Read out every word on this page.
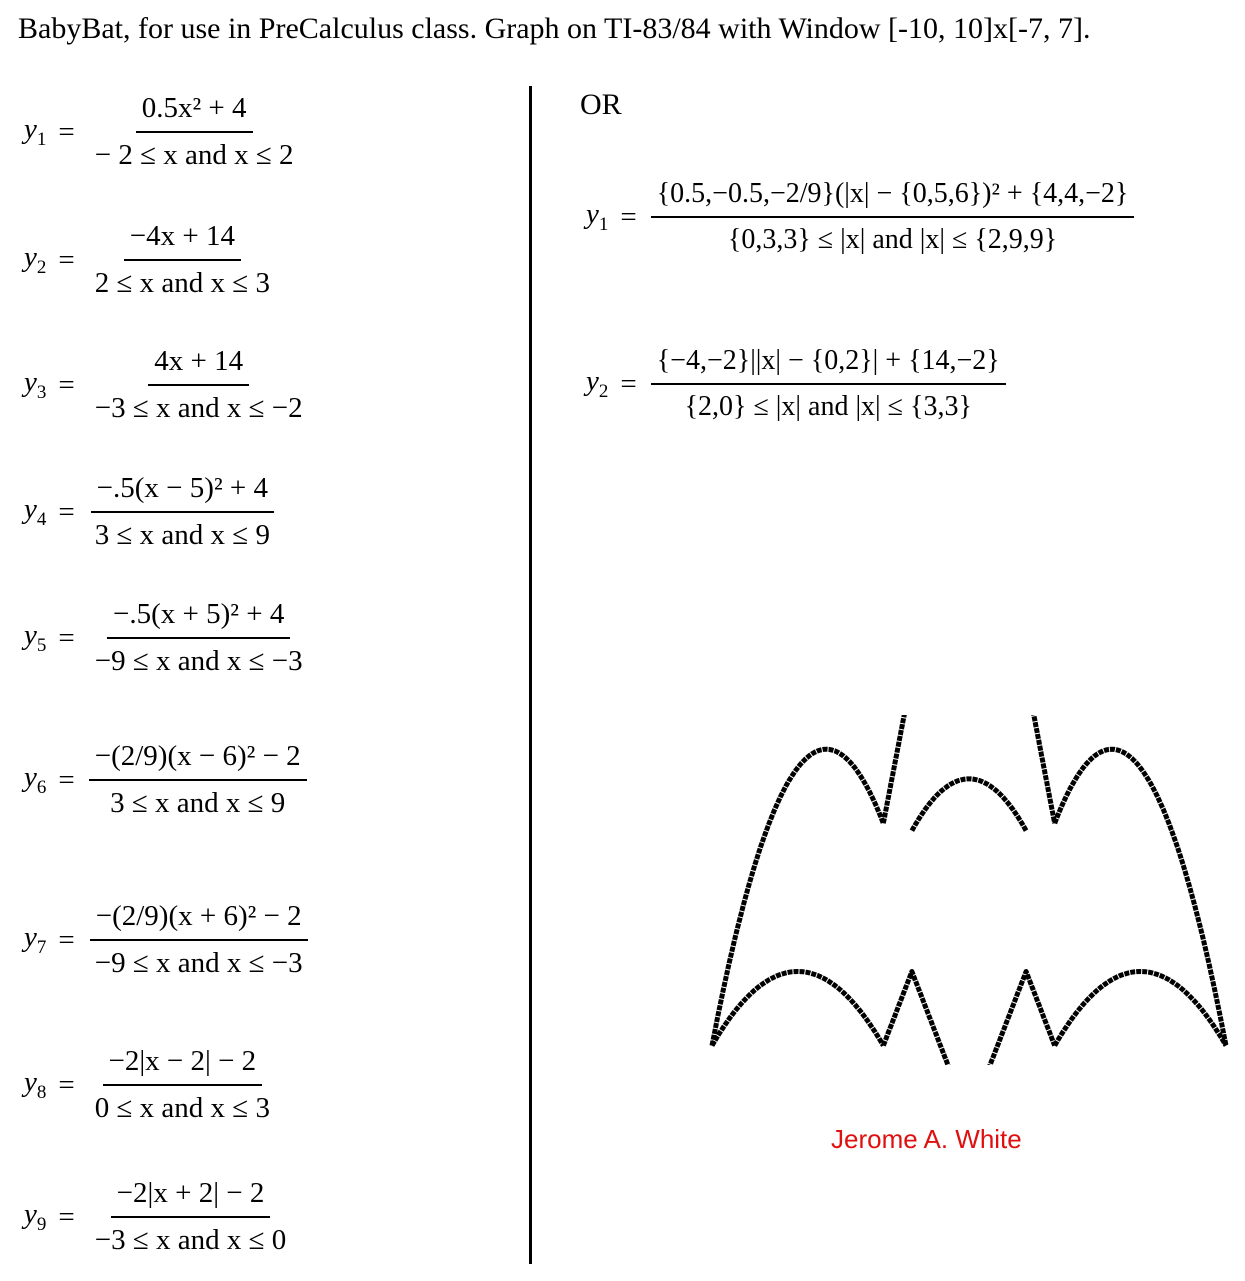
BabyBat, for use in PreCalculus class. Graph on TI-83/84 with Window [-10, 10]x[-7, 7].
$y_1 = \frac{\text{0.5x² + 4}}{\text{− 2 ≤ x and x ≤ 2}}$
$y_2 = \frac{-4x + 14}{\text{2 ≤ x and x ≤ 3}}$
$y_3 = \frac{4x + 14}{\text{−3 ≤ x and x ≤ −2}}$
$y_4 = \frac{\text{−.5(x − 5)² + 4}}{\text{3 ≤ x and x ≤ 9}}$
$y_5 = \frac{\text{−.5(x + 5)² + 4}}{\text{−9 ≤ x and x ≤ −3}}$
$y_6 = \frac{\text{−(2/9)(x − 6)² − 2}}{\text{3 ≤ x and x ≤ 9}}$
$y_7 = \frac{\text{−(2/9)(x + 6)² − 2}}{\text{−9 ≤ x and x ≤ −3}}$
$y_8 = \frac{-2|x - 2| - 2}{\text{0 ≤ x and x ≤ 3}}$
$y_9 = \frac{-2|x + 2| - 2}{\text{−3 ≤ x and x ≤ 0}}$
OR
$y_1 = \frac{\text{\{0.5,−0.5,−2/9\}(|x| − \{0,5,6\})² + \{4,4,−2\}}}{\text{\{0,3,3\} ≤ |x| and |x| ≤ \{2,9,9\}}}$
$y_2 = \frac{\{-4,-2\}||x| - \{0,2\}| + \{14,-2\}}{\text{\{2,0\} ≤ |x| and |x| ≤ \{3,3\}}}$
Jerome A. White
